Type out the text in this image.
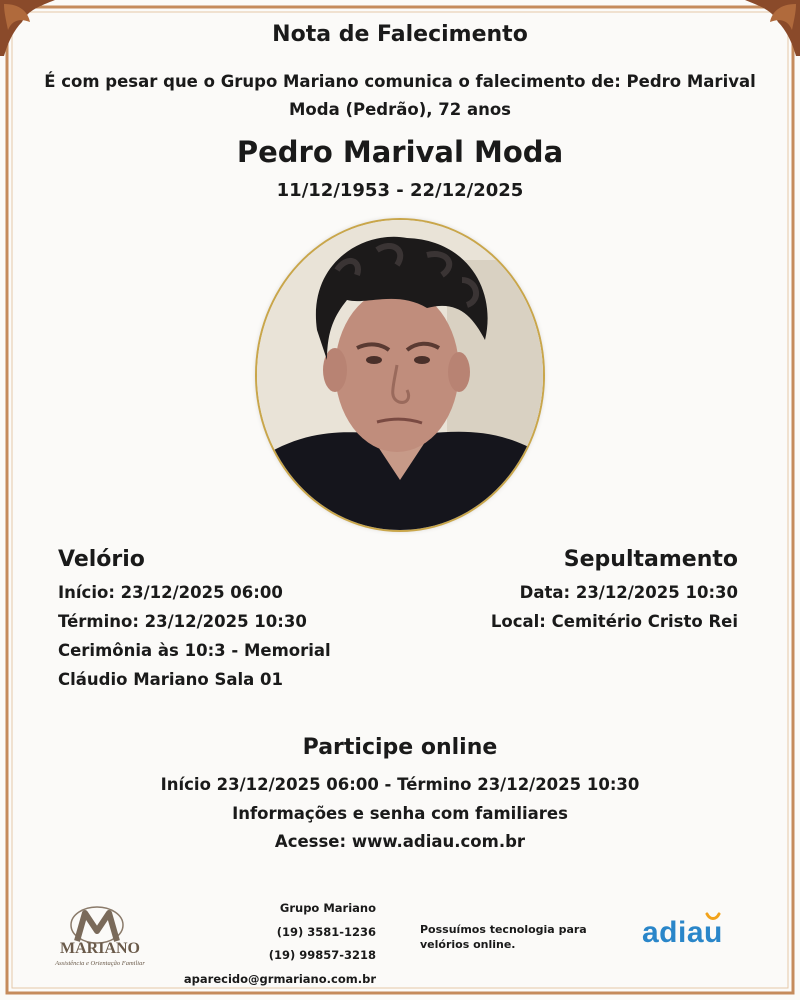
Nota de Falecimento
É com pesar que o Grupo Mariano comunica o falecimento de: Pedro Marival Moda (Pedrão), 72 anos
Pedro Marival Moda
11/12/1953 - 22/12/2025
Velório
Início: 23/12/2025 06:00
Término: 23/12/2025 10:30
Cerimônia às 10:3 - Memorial
Cláudio Mariano Sala 01
Sepultamento
Data: 23/12/2025 10:30
Local: Cemitério Cristo Rei
Participe online
Início 23/12/2025 06:00 - Término 23/12/2025 10:30
Informações e senha com familiares
Acesse: www.adiau.com.br
MARIANO
Assistência e Orientação Familiar
Grupo Mariano
(19) 3581-1236
(19) 99857-3218
aparecido@grmariano.com.br
Possuímos tecnologia para velórios online.	adiau
